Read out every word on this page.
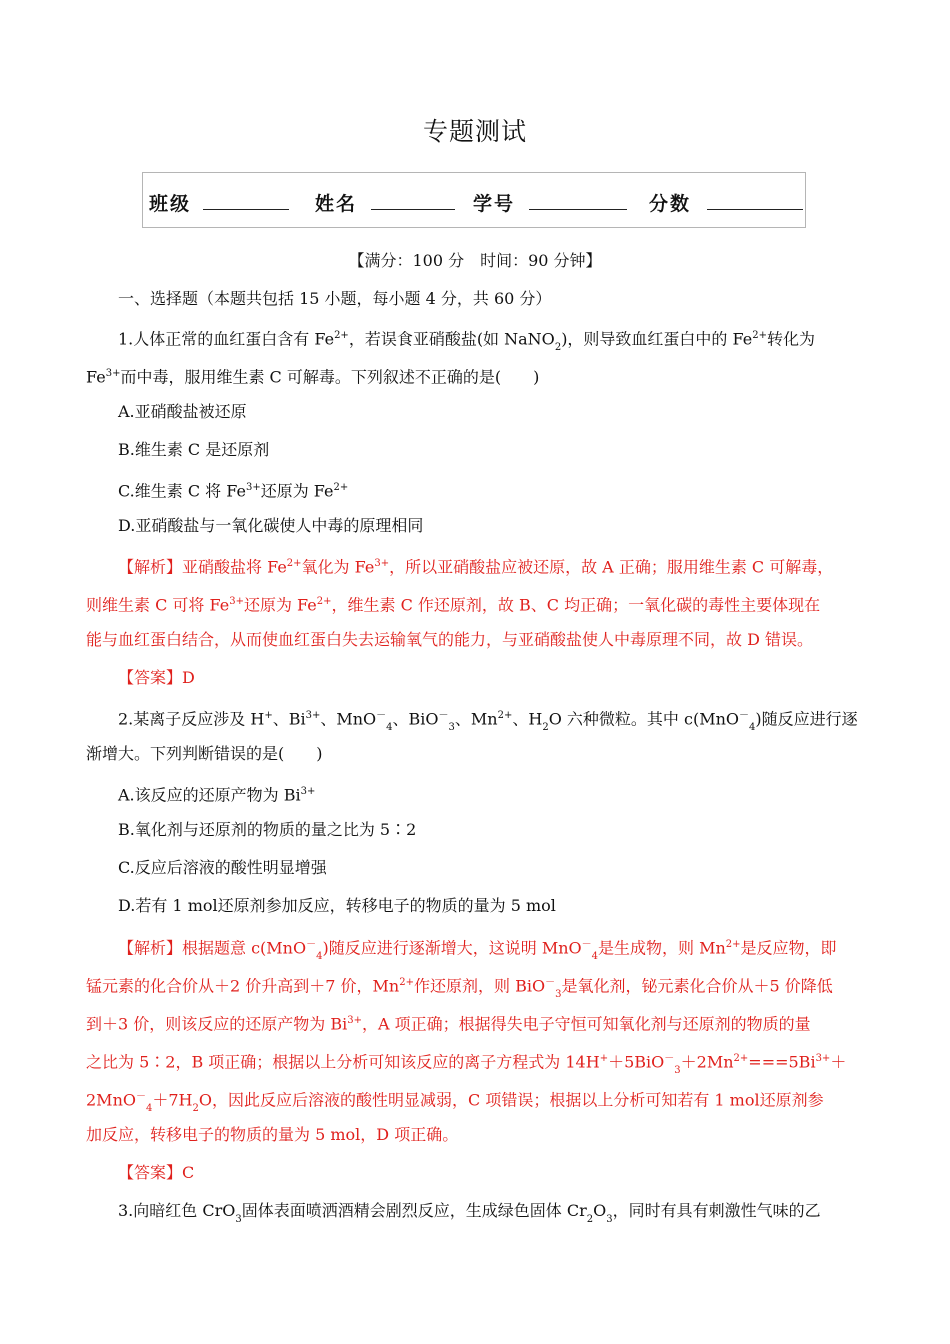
专题测试
班级	姓名	学号	分数
【满分：100 分　时间：90 分钟】
一、选择题（本题共包括 15 小题，每小题 4 分，共 60 分）
1.人体正常的血红蛋白含有 $Fe^{2+}$，若误食亚硝酸盐(如 NaNO$_2$)，则导致血红蛋白中的 $Fe^{2+}$转化为
$Fe^{3+}$而中毒，服用维生素 C 可解毒。下列叙述不正确的是(　　)
A.亚硝酸盐被还原
B.维生素 C 是还原剂
C.维生素 C 将 $Fe^{3+}$还原为 $Fe^{2+}$
D.亚硝酸盐与一氧化碳使人中毒的原理相同
【解析】亚硝酸盐将 $Fe^{2+}$氧化为 $Fe^{3+}$，所以亚硝酸盐应被还原，故 A 正确；服用维生素 C 可解毒，
则维生素 C 可将 $Fe^{3+}$还原为 $Fe^{2+}$，维生素 C 作还原剂，故 B、C 均正确；一氧化碳的毒性主要体现在
能与血红蛋白结合，从而使血红蛋白失去运输氧气的能力，与亚硝酸盐使人中毒原理不同，故 D 错误。
【答案】D
2.某离子反应涉及 H+、$Bi^{3+}$、MnO－$_4$、BiO－$_3$、$Mn^{2+}$、$H_2O$ 六种微粒。其中 c(MnO－$_4$)随反应进行逐
渐增大。下列判断错误的是(　　)
A.该反应的还原产物为 $Bi^{3+}$
B.氧化剂与还原剂的物质的量之比为 5∶2
C.反应后溶液的酸性明显增强
D.若有 1 mol还原剂参加反应，转移电子的物质的量为 5 mol
【解析】根据题意 c(MnO－$_4$)随反应进行逐渐增大，这说明 MnO－$_4$是生成物，则 $Mn^{2+}$是反应物，即
锰元素的化合价从＋2 价升高到＋7 价，$Mn^{2+}$作还原剂，则 BiO－$_3$是氧化剂，铋元素化合价从＋5 价降低
到＋3 价，则该反应的还原产物为 $Bi^{3+}$，A 项正确；根据得失电子守恒可知氧化剂与还原剂的物质的量
之比为 5∶2，B 项正确；根据以上分析可知该反应的离子方程式为 $14H^++5BiO^-_3+2Mn^{2+}===5Bi^{3+}+$
$2MnO^-_4+7H_2O$，因此反应后溶液的酸性明显减弱，C 项错误；根据以上分析可知若有 1 mol还原剂参
加反应，转移电子的物质的量为 5 mol，D 项正确。
【答案】C
3.向暗红色 CrO$_3$固体表面喷洒酒精会剧烈反应，生成绿色固体 $Cr_2O_3$，同时有具有刺激性气味的乙
